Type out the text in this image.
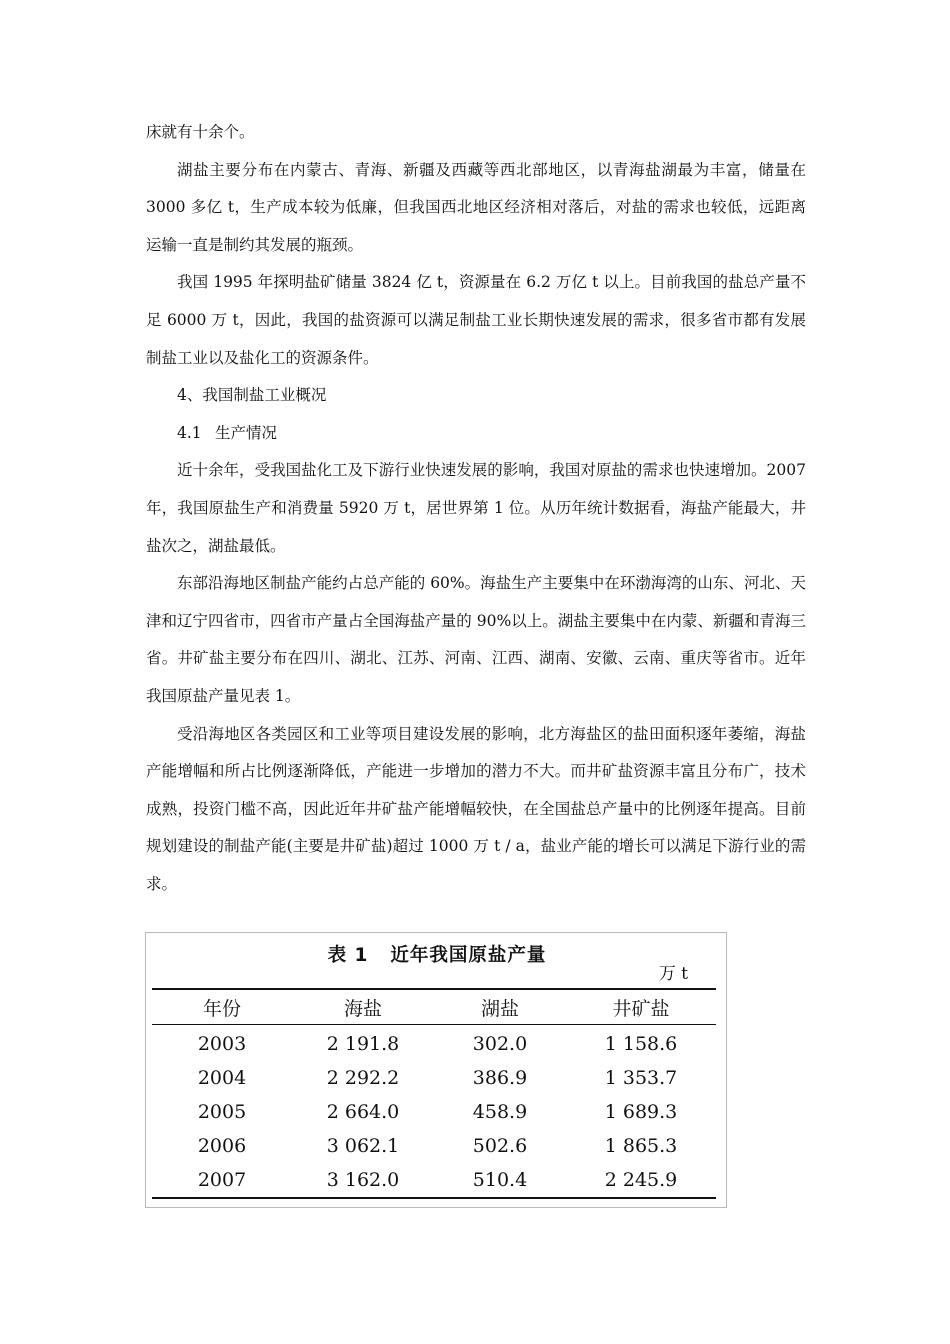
床就有十余个。

湖盐主要分布在内蒙古、青海、新疆及西藏等西北部地区，以青海盐湖最为丰富，储量在 3000 多亿 t，生产成本较为低廉，但我国西北地区经济相对落后，对盐的需求也较低，远距离运输一直是制约其发展的瓶颈。

我国 1995 年探明盐矿储量 3824 亿 t，资源量在 6.2 万亿 t 以上。目前我国的盐总产量不足 6000 万 t，因此，我国的盐资源可以满足制盐工业长期快速发展的需求，很多省市都有发展制盐工业以及盐化工的资源条件。

4、我国制盐工业概况

4.1 生产情况

近十余年，受我国盐化工及下游行业快速发展的影响，我国对原盐的需求也快速增加。2007 年，我国原盐生产和消费量 5920 万 t，居世界第 1 位。从历年统计数据看，海盐产能最大，井盐次之，湖盐最低。

东部沿海地区制盐产能约占总产能的 60%。海盐生产主要集中在环渤海湾的山东、河北、天津和辽宁四省市，四省市产量占全国海盐产量的 90%以上。湖盐主要集中在内蒙、新疆和青海三省。井矿盐主要分布在四川、湖北、江苏、河南、江西、湖南、安徽、云南、重庆等省市。近年我国原盐产量见表 1。

受沿海地区各类园区和工业等项目建设发展的影响，北方海盐区的盐田面积逐年萎缩，海盐产能增幅和所占比例逐渐降低，产能进一步增加的潜力不大。而井矿盐资源丰富且分布广，技术成熟，投资门槛不高，因此近年井矿盐产能增幅较快，在全国盐总产量中的比例逐年提高。目前规划建设的制盐产能(主要是井矿盐)超过 1000 万 t / a，盐业产能的增长可以满足下游行业的需求。

表 1 近年我国原盐产量
万 t
年份	海盐	湖盐	井矿盐
2003	2 191.8	302.0	1 158.6
2004	2 292.2	386.9	1 353.7
2005	2 664.0	458.9	1 689.3
2006	3 062.1	502.6	1 865.3
2007	3 162.0	510.4	2 245.9
